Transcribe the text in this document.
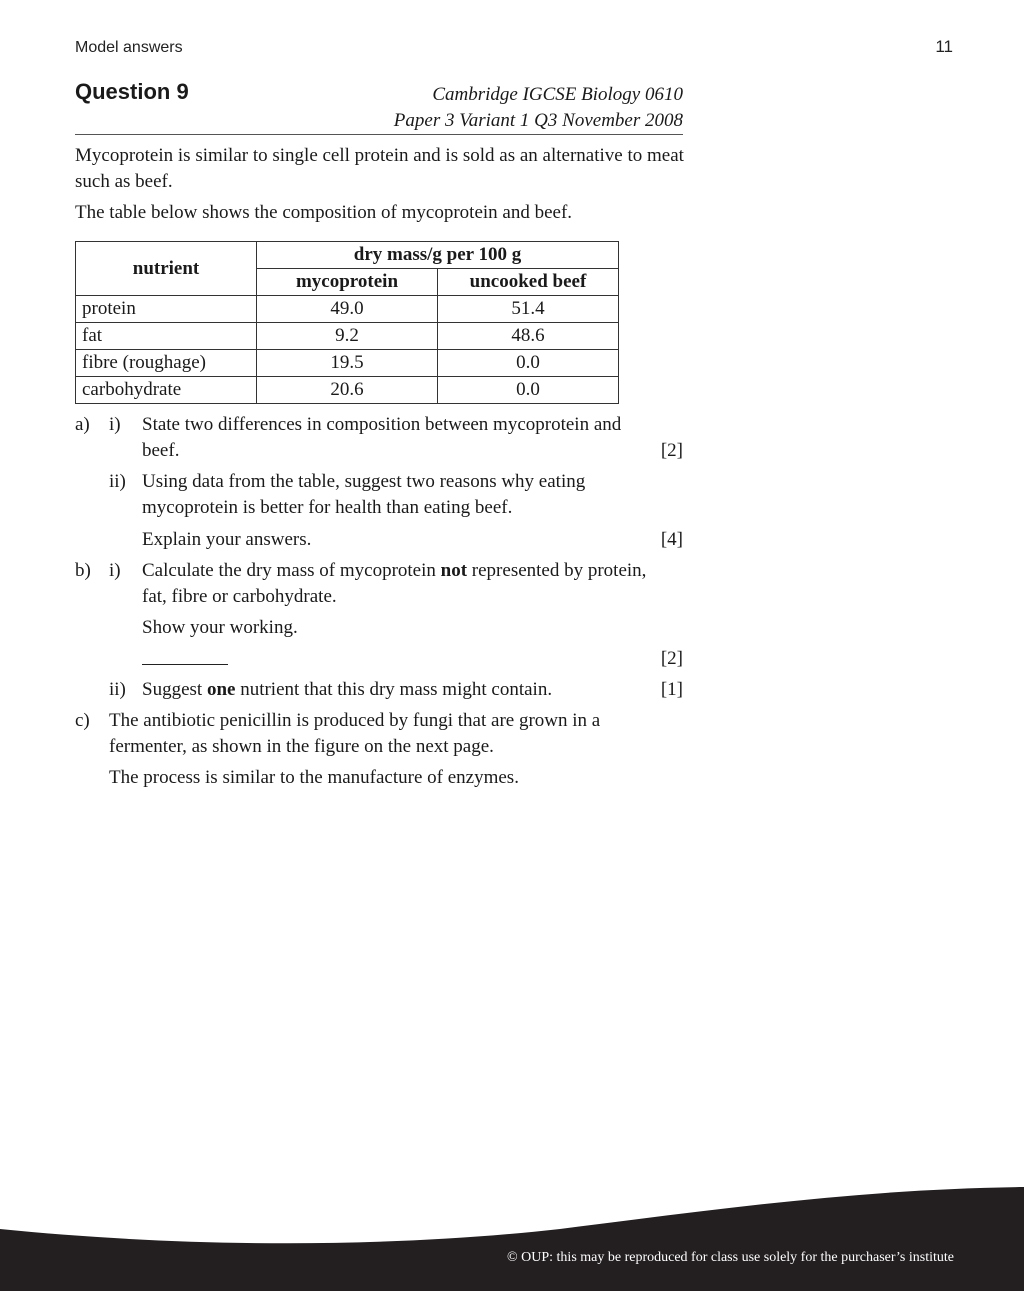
Model answers	11
Question 9	Cambridge IGCSE Biology 0610
Paper 3 Variant 1 Q3 November 2008

Mycoprotein is similar to single cell protein and is sold as an alternative to meat such as beef.

The table below shows the composition of mycoprotein and beef.

nutrient	dry mass/g per 100 g	
	mycoprotein	uncooked beef
protein	49.0	51.4
fat	9.2	48.6
fibre (roughage)	19.5	0.0
carbohydrate	20.6	0.0
a) i) State two differences in composition between mycoprotein and

beef.	[2]
ii) Using data from the table, suggest two reasons why eating

mycoprotein is better for health than eating beef.

Explain your answers.	[4]
b) i) Calculate the dry mass of mycoprotein not represented by protein,

fat, fibre or carbohydrate.

Show your working.

[2]
ii) Suggest one nutrient that this dry mass might contain.	[1]
c) The antibiotic penicillin is produced by fungi that are grown in a

fermenter, as shown in the figure on the next page.

The process is similar to the manufacture of enzymes.

© OUP: this may be reproduced for class use solely for the purchaser’s institute
